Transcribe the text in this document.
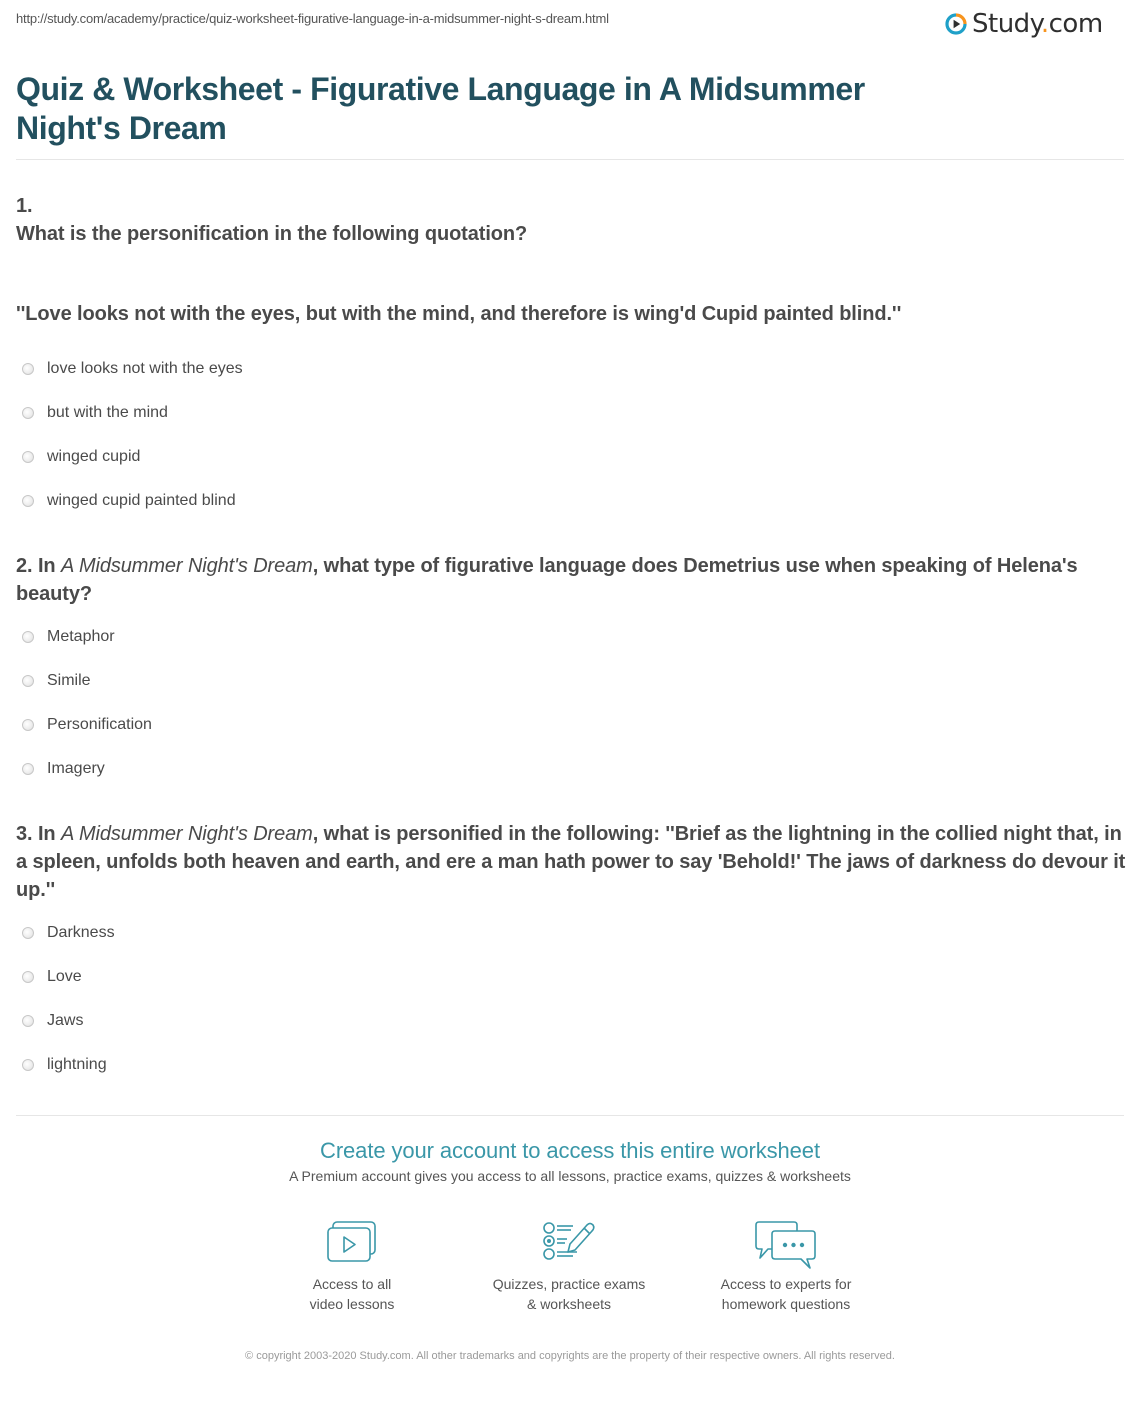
http://study.com/academy/practice/quiz-worksheet-figurative-language-in-a-midsummer-night-s-dream.html	Study.com
Quiz & Worksheet - Figurative Language in A Midsummer Night's Dream
1.
What is the personification in the following quotation?
''Love looks not with the eyes, but with the mind, and therefore is wing'd Cupid painted blind.''
love looks not with the eyes
but with the mind
winged cupid
winged cupid painted blind
2. In A Midsummer Night's Dream, what type of figurative language does Demetrius use when speaking of Helena's beauty?
Metaphor
Simile
Personification
Imagery
3. In A Midsummer Night's Dream, what is personified in the following: ''Brief as the lightning in the collied night that, in a spleen, unfolds both heaven and earth, and ere a man hath power to say 'Behold!' The jaws of darkness do devour it up.''
Darkness
Love
Jaws
lightning
Create your account to access this entire worksheet
A Premium account gives you access to all lessons, practice exams, quizzes & worksheets
Access to all
video lessons
Quizzes, practice exams
& worksheets
Access to experts for
homework questions
© copyright 2003-2020 Study.com. All other trademarks and copyrights are the property of their respective owners. All rights reserved.
